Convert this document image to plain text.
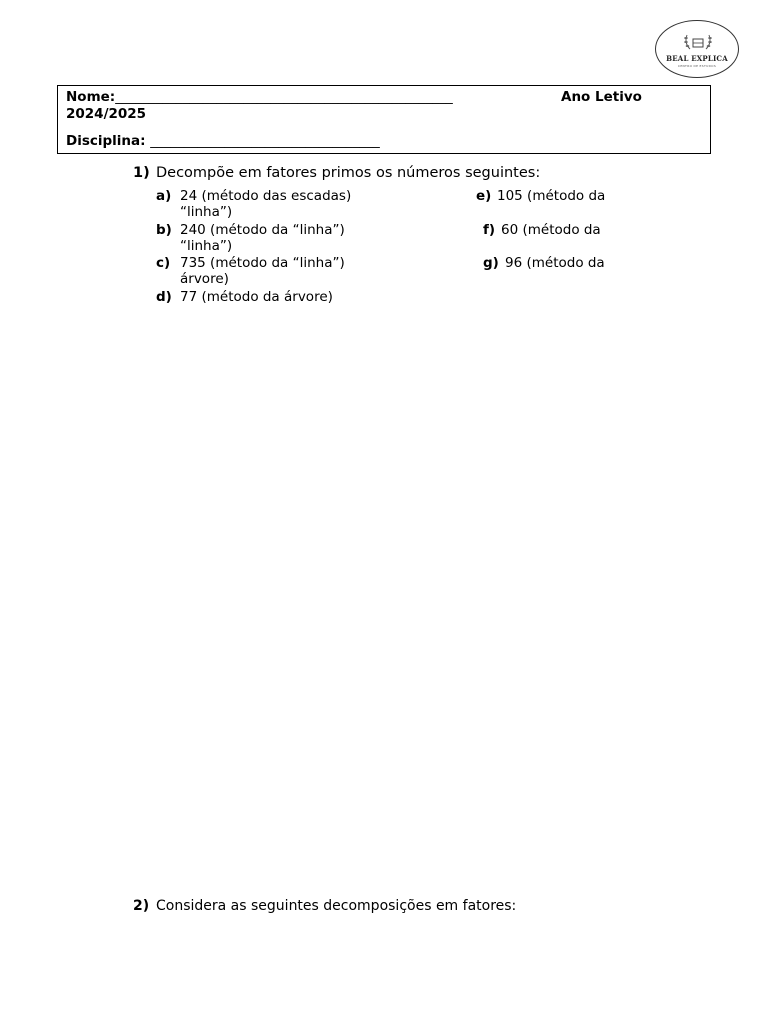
BEAL EXPLICA
CENTRO DE ESTUDOS
Nome:__________________________________________________	Ano Letivo
2024/2025
Disciplina: __________________________________
1) Decompõe em fatores primos os números seguintes:
a) 24 (método das escadas)
“linha”)
b) 240 (método da “linha”)
“linha”)
c) 735 (método da “linha”)
árvore)
d) 77 (método da árvore)
e) 105 (método da
f) 60 (método da
g) 96 (método da
2) Considera as seguintes decomposições em fatores:
